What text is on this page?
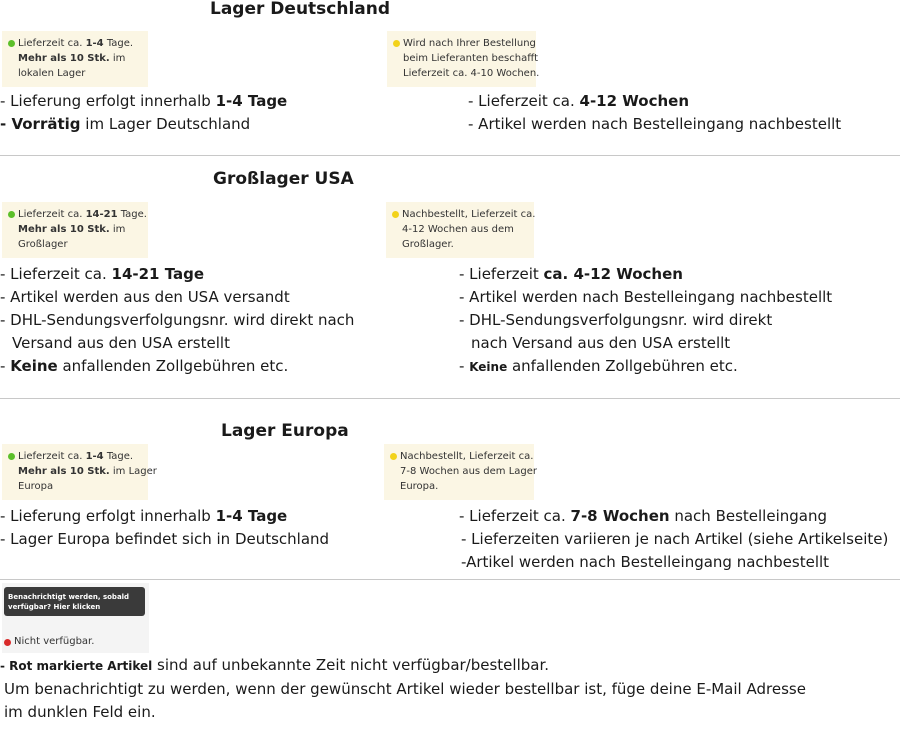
Lager Deutschland
Lieferzeit ca. 1-4 Tage.
Mehr als 10 Stk. im
lokalen Lager
Wird nach Ihrer Bestellung
beim Lieferanten beschafft
Lieferzeit ca. 4-10 Wochen.
- Lieferung erfolgt innerhalb 1-4 Tage
- Vorrätig im Lager Deutschland
- Lieferzeit ca. 4-12 Wochen
- Artikel werden nach Bestelleingang nachbestellt
Großlager USA
Lieferzeit ca. 14-21 Tage.
Mehr als 10 Stk. im
Großlager
Nachbestellt, Lieferzeit ca.
4-12 Wochen aus dem
Großlager.
- Lieferzeit ca. 14-21 Tage
- Artikel werden aus den USA versandt
- DHL-Sendungsverfolgungsnr. wird direkt nach
Versand aus den USA erstellt
- Keine anfallenden Zollgebühren etc.
- Lieferzeit ca. 4-12 Wochen
- Artikel werden nach Bestelleingang nachbestellt
- DHL-Sendungsverfolgungsnr. wird direkt
nach Versand aus den USA erstellt
- Keine anfallenden Zollgebühren etc.
Lager Europa
Lieferzeit ca. 1-4 Tage.
Mehr als 10 Stk. im Lager
Europa
Nachbestellt, Lieferzeit ca.
7-8 Wochen aus dem Lager
Europa.
- Lieferung erfolgt innerhalb 1-4 Tage
- Lager Europa befindet sich in Deutschland
- Lieferzeit ca. 7-8 Wochen nach Bestelleingang
- Lieferzeiten variieren je nach Artikel (siehe Artikelseite)
-Artikel werden nach Bestelleingang nachbestellt
Benachrichtigt werden, sobald
verfügbar? Hier klicken
Nicht verfügbar.
- Rot markierte Artikel sind auf unbekannte Zeit nicht verfügbar/bestellbar.
Um benachrichtigt zu werden, wenn der gewünscht Artikel wieder bestellbar ist, füge deine E-Mail Adresse
im dunklen Feld ein.
